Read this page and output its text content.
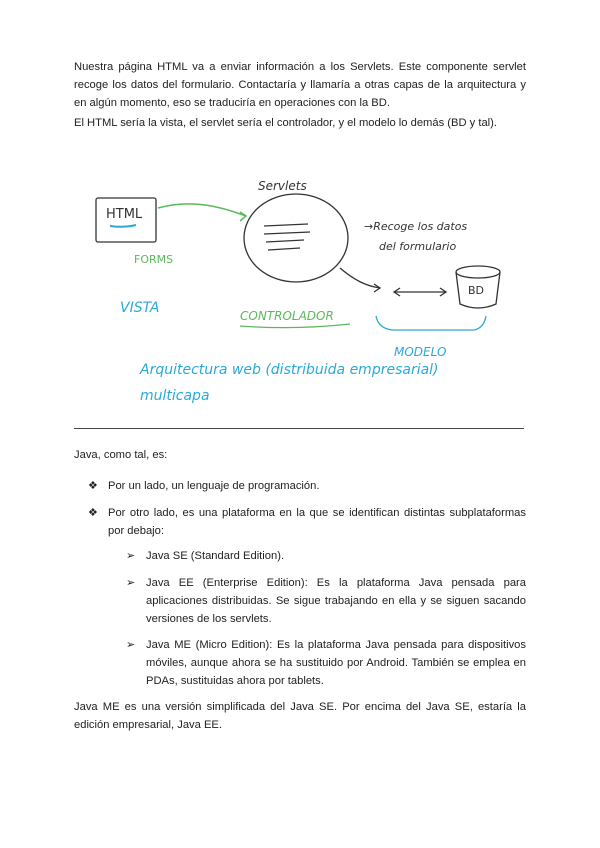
Nuestra página HTML va a enviar información a los Servlets. Este componente servlet recoge los datos del formulario. Contactaría y llamaría a otras capas de la arquitectura y en algún momento, eso se traduciría en operaciones con la BD.

El HTML sería la vista, el servlet sería el controlador, y el modelo lo demás (BD y tal).

HTML
FORMS
Servlets
→Recoge los datos
del formulario
BD
VISTA	CONTROLADOR
MODELO
Arquitectura web (distribuida empresarial)
multicapa

Java, como tal, es:

❖ Por un lado, un lenguaje de programación.
❖ Por otro lado, es una plataforma en la que se identifican distintas subplataformas por debajo:
➢ Java SE (Standard Edition).
➢ Java EE (Enterprise Edition): Es la plataforma Java pensada para aplicaciones distribuidas. Se sigue trabajando en ella y se siguen sacando versiones de los servlets.
➢ Java ME (Micro Edition): Es la plataforma Java pensada para dispositivos móviles, aunque ahora se ha sustituido por Android. También se emplea en PDAs, sustituidas ahora por tablets.

Java ME es una versión simplificada del Java SE. Por encima del Java SE, estaría la edición empresarial, Java EE.
